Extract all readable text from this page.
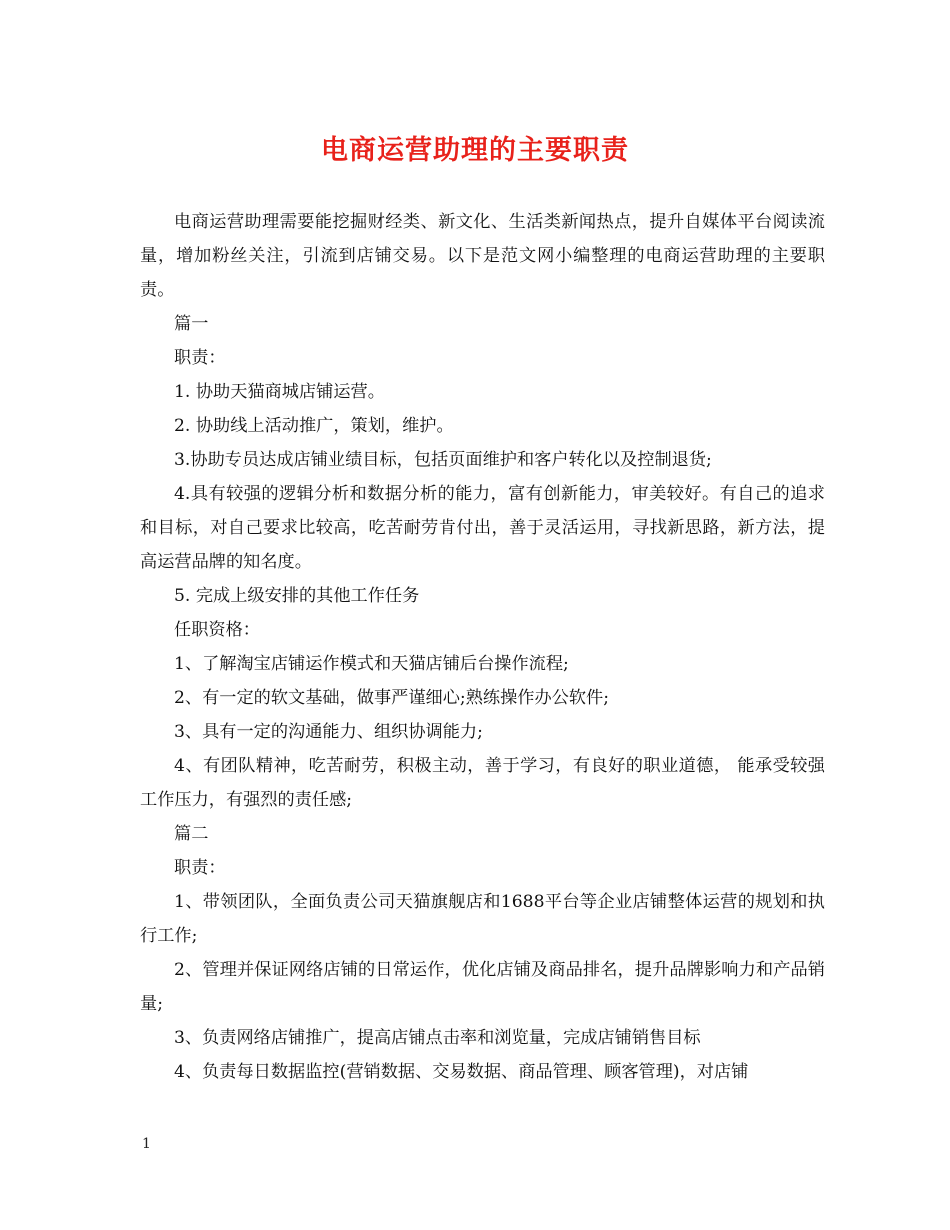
电商运营助理的主要职责

电商运营助理需要能挖掘财经类、新文化、生活类新闻热点，提升自媒体平台阅读流量，增加粉丝关注，引流到店铺交易。以下是范文网小编整理的电商运营助理的主要职责。

篇一

职责：

1. 协助天猫商城店铺运营。

2. 协助线上活动推广，策划，维护。

3.协助专员达成店铺业绩目标，包括页面维护和客户转化以及控制退货;

4.具有较强的逻辑分析和数据分析的能力，富有创新能力，审美较好。有自己的追求和目标，对自己要求比较高，吃苦耐劳肯付出，善于灵活运用，寻找新思路，新方法，提高运营品牌的知名度。

5. 完成上级安排的其他工作任务

任职资格：

1、了解淘宝店铺运作模式和天猫店铺后台操作流程;

2、有一定的软文基础，做事严谨细心;熟练操作办公软件;

3、具有一定的沟通能力、组织协调能力;

4、有团队精神，吃苦耐劳，积极主动，善于学习，有良好的职业道德， 能承受较强工作压力，有强烈的责任感;

篇二

职责：

1、带领团队，全面负责公司天猫旗舰店和1688平台等企业店铺整体运营的规划和执行工作;

2、管理并保证网络店铺的日常运作，优化店铺及商品排名，提升品牌影响力和产品销量;

3、负责网络店铺推广，提高店铺点击率和浏览量，完成店铺销售目标

4、负责每日数据监控(营销数据、交易数据、商品管理、顾客管理)，对店铺

1
